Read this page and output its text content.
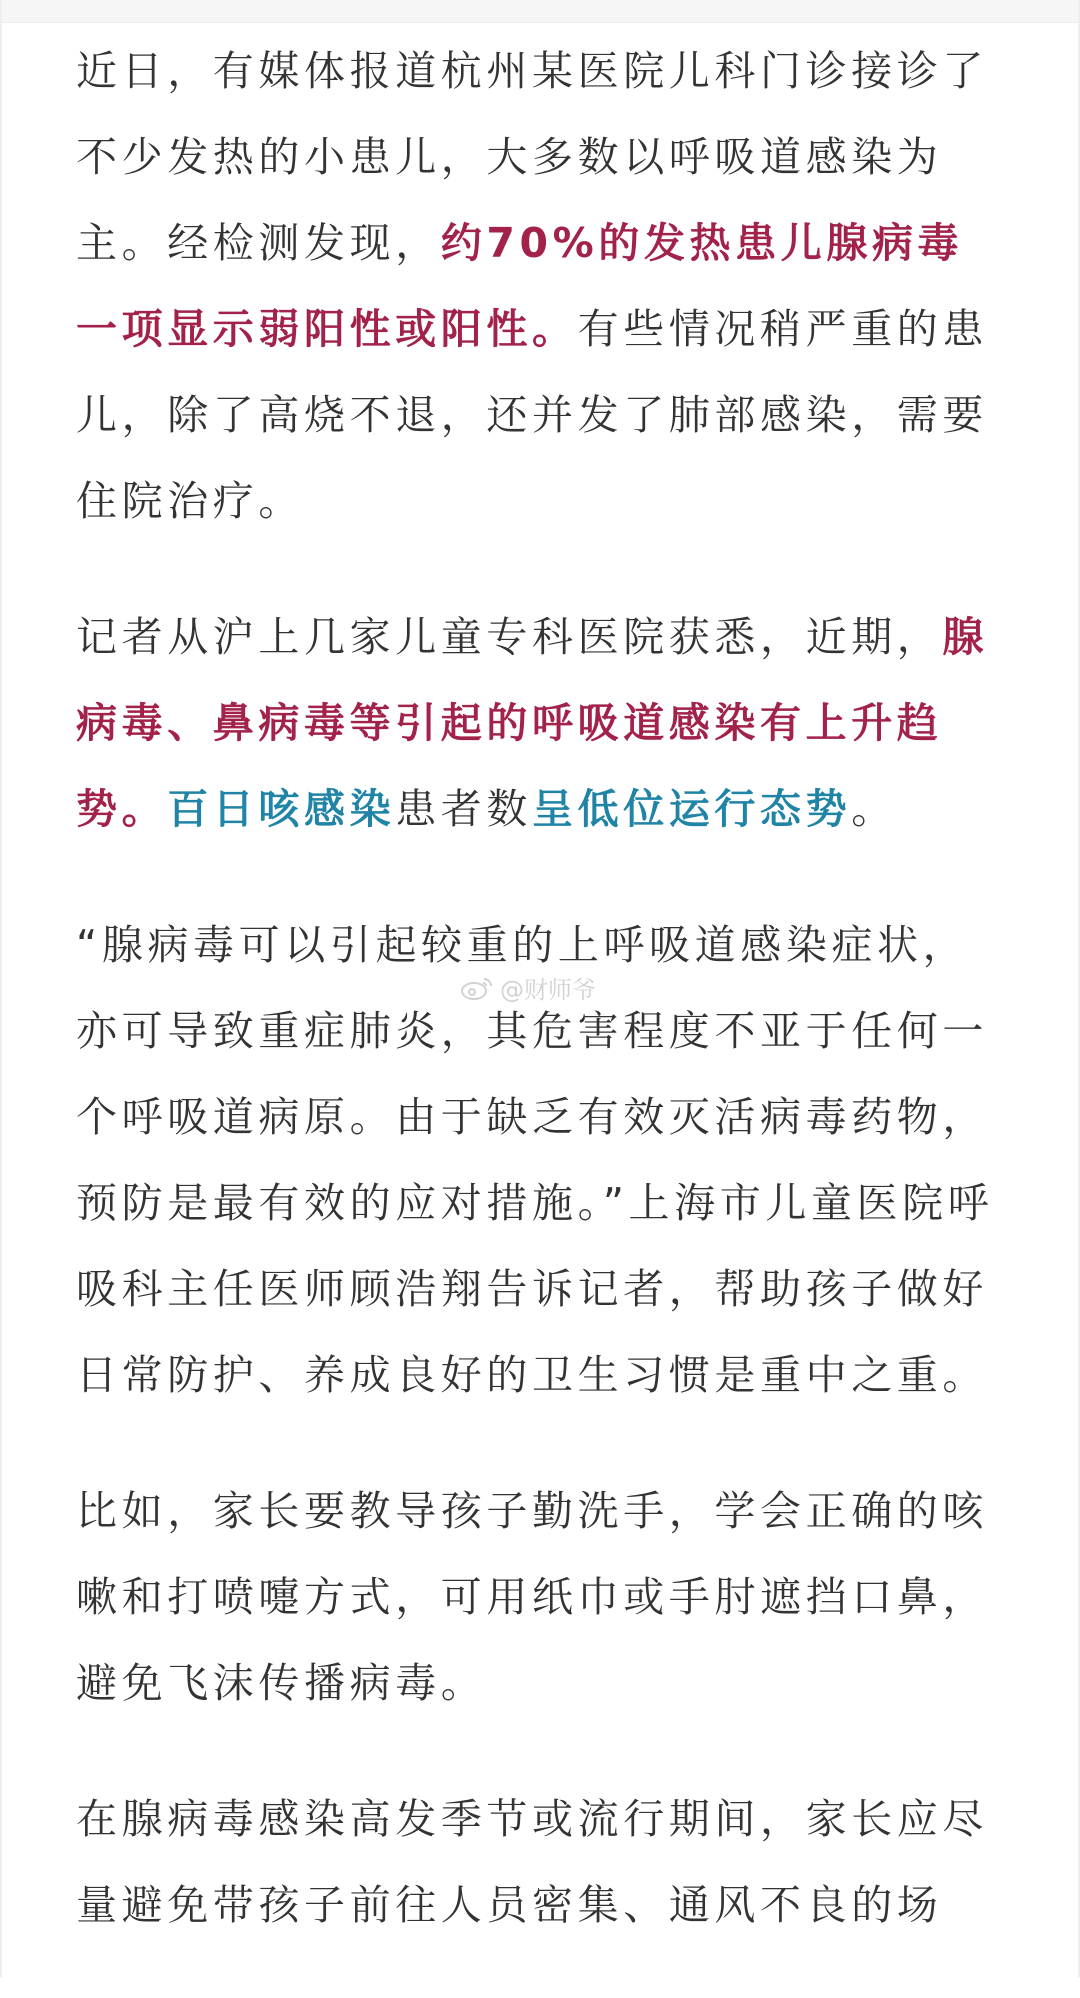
近日，有媒体报道杭州某医院儿科门诊接诊了不少发热的小患儿，大多数以呼吸道感染为主。经检测发现，约70%的发热患儿腺病毒一项显示弱阳性或阳性。有些情况稍严重的患儿，除了高烧不退，还并发了肺部感染，需要住院治疗。

记者从沪上几家儿童专科医院获悉，近期，腺病毒、鼻病毒等引起的呼吸道感染有上升趋势。百日咳感染患者数呈低位运行态势。

“腺病毒可以引起较重的上呼吸道感染症状，亦可导致重症肺炎，其危害程度不亚于任何一个呼吸道病原。由于缺乏有效灭活病毒药物，预防是最有效的应对措施。”上海市儿童医院呼吸科主任医师顾浩翔告诉记者，帮助孩子做好日常防护、养成良好的卫生习惯是重中之重。

比如，家长要教导孩子勤洗手，学会正确的咳嗽和打喷嚏方式，可用纸巾或手肘遮挡口鼻，避免飞沫传播病毒。

在腺病毒感染高发季节或流行期间，家长应尽量避免带孩子前往人员密集、通风不良的场

@财师爷
